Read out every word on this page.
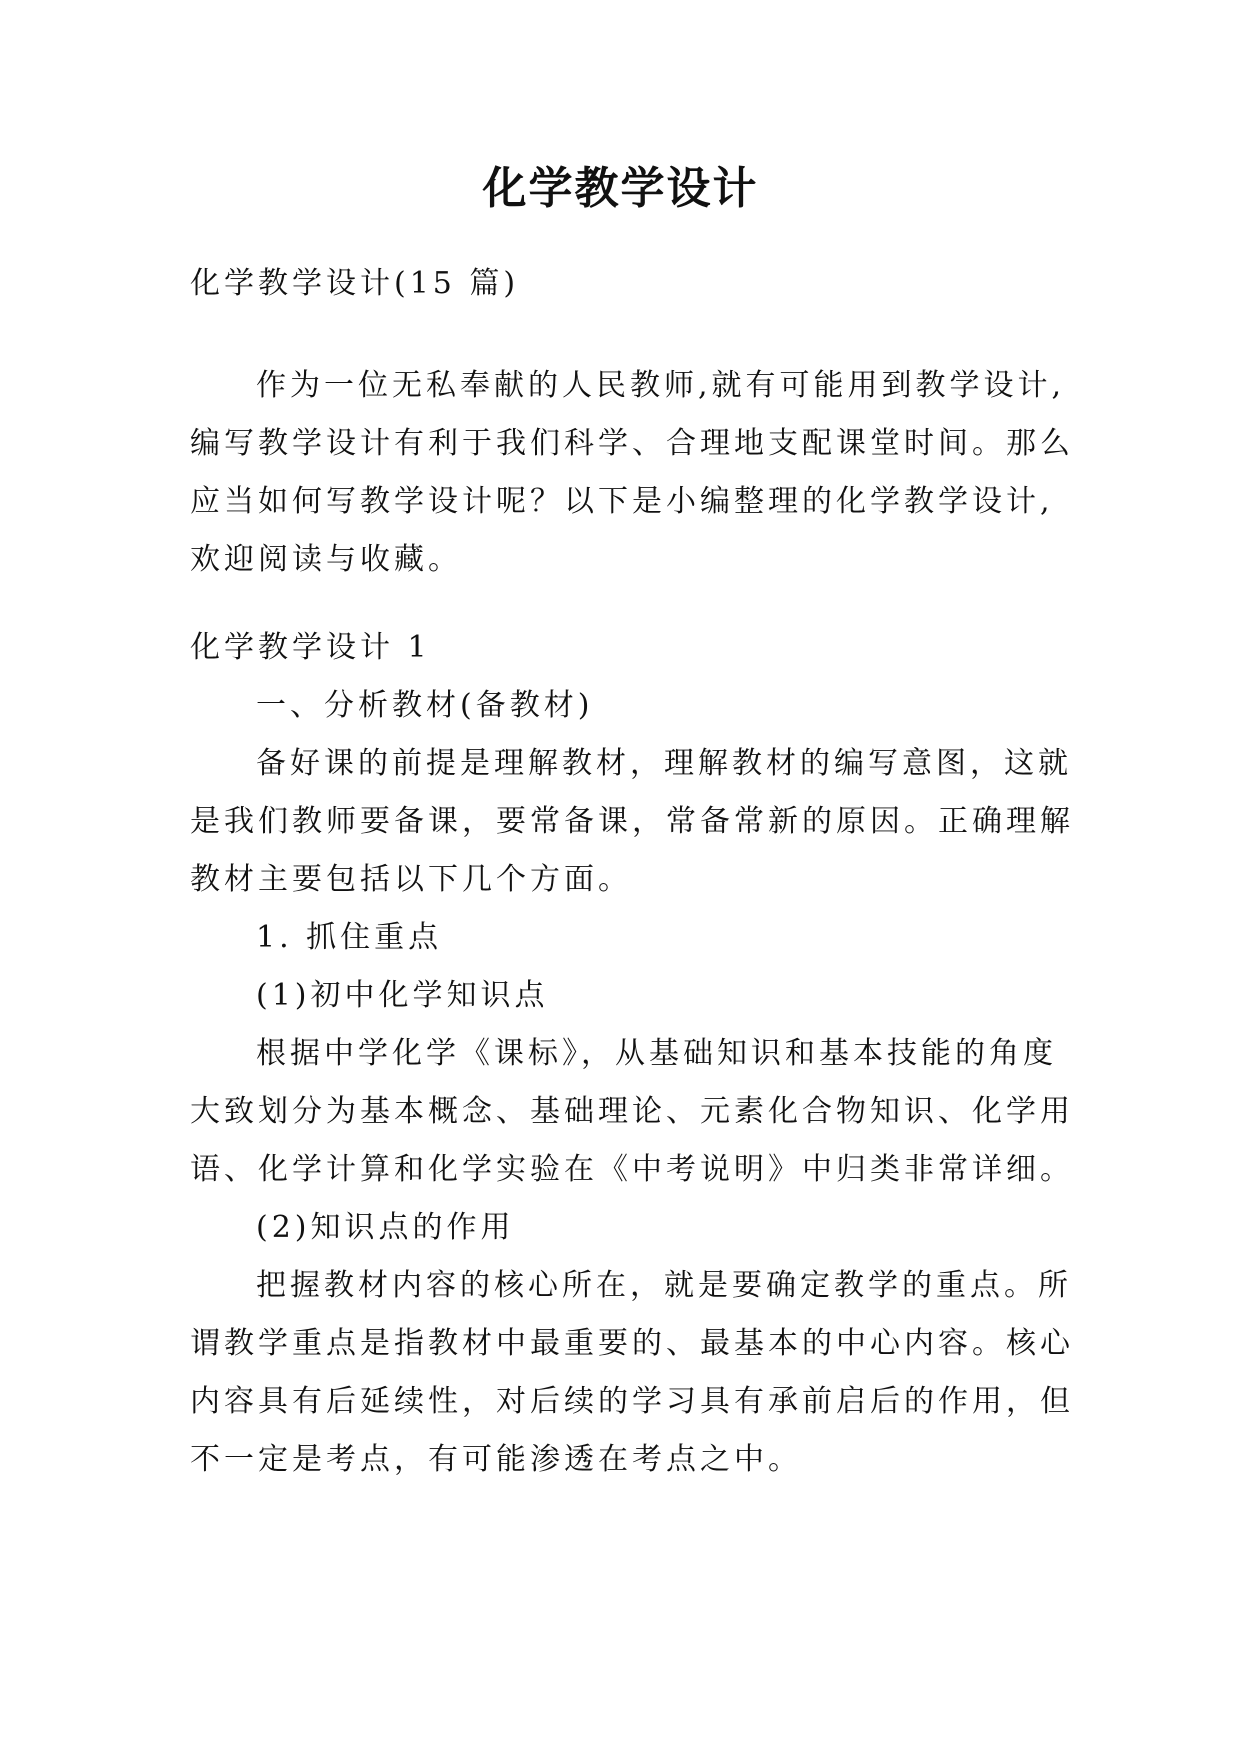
化学教学设计

化学教学设计(15 篇)

作为一位无私奉献的人民教师,就有可能用到教学设计,

编写教学设计有利于我们科学、合理地支配课堂时间。那么

应当如何写教学设计呢？以下是小编整理的化学教学设计,

欢迎阅读与收藏。

化学教学设计 1

一、分析教材(备教材)

备好课的前提是理解教材，理解教材的编写意图，这就

是我们教师要备课，要常备课，常备常新的原因。正确理解

教材主要包括以下几个方面。

1. 抓住重点

(1)初中化学知识点

根据中学化学《课标》，从基础知识和基本技能的角度

大致划分为基本概念、基础理论、元素化合物知识、化学用

语、化学计算和化学实验在《中考说明》中归类非常详细。

(2)知识点的作用

把握教材内容的核心所在，就是要确定教学的重点。所

谓教学重点是指教材中最重要的、最基本的中心内容。核心

内容具有后延续性，对后续的学习具有承前启后的作用，但

不一定是考点，有可能渗透在考点之中。
